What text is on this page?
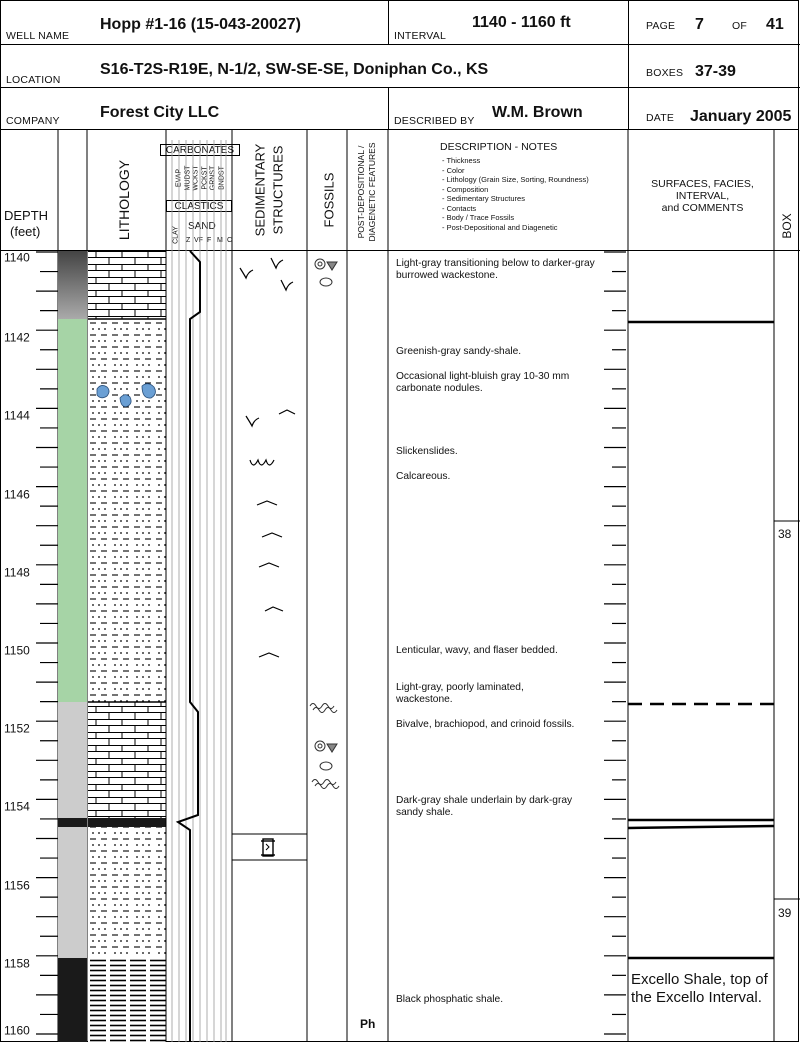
WELL NAME
Hopp #1-16 (15-043-20027)
INTERVAL
1140 - 1160 ft	PAGE 7	OF 41
LOCATION
S16-T2S-R19E, N-1/2, SW-SE-SE, Doniphan Co., KS	BOXES 37-39
COMPANY	Forest City LLC	DESCRIBED BY W.M. Brown	DATE January 2005
DEPTH
(feet)	LITHOLOGY
CARBONATES
CLASTICS
SAND
CLAY
EVAP MUDST WCKST PCKST GRNST BNDST
Z VF F M C
SEDIMENTARY STRUCTURES	FOSSILS POST-DEPOSITIONAL / DIAGENETIC FEATURES	DESCRIPTION - NOTES
- Thickness
- Color
- Lithology (Grain Size, Sorting, Roundness)
- Composition
- Sedimentary Structures
- Contacts
- Body / Trace Fossils
- Post-Depositional and Diagenetic
SURFACES, FACIES,
INTERVAL,
and COMMENTS
BOX
1140
1142
1144
1146
1148
1150
1152
1154
1156
1158
1160
Light-gray transitioning below to darker-gray burrowed wackestone.
Greenish-gray sandy-shale.
Occasional light-bluish gray 10-30 mm carbonate nodules.
Slickenslides.
Calcareous.
Lenticular, wavy, and flaser bedded.
Light-gray, poorly laminated, wackestone.
Bivalve, brachiopod, and crinoid fossils.
Dark-gray shale underlain by dark-gray sandy shale.
Black phosphatic shale.
Ph
Excello Shale, top of the Excello Interval.
38
39
